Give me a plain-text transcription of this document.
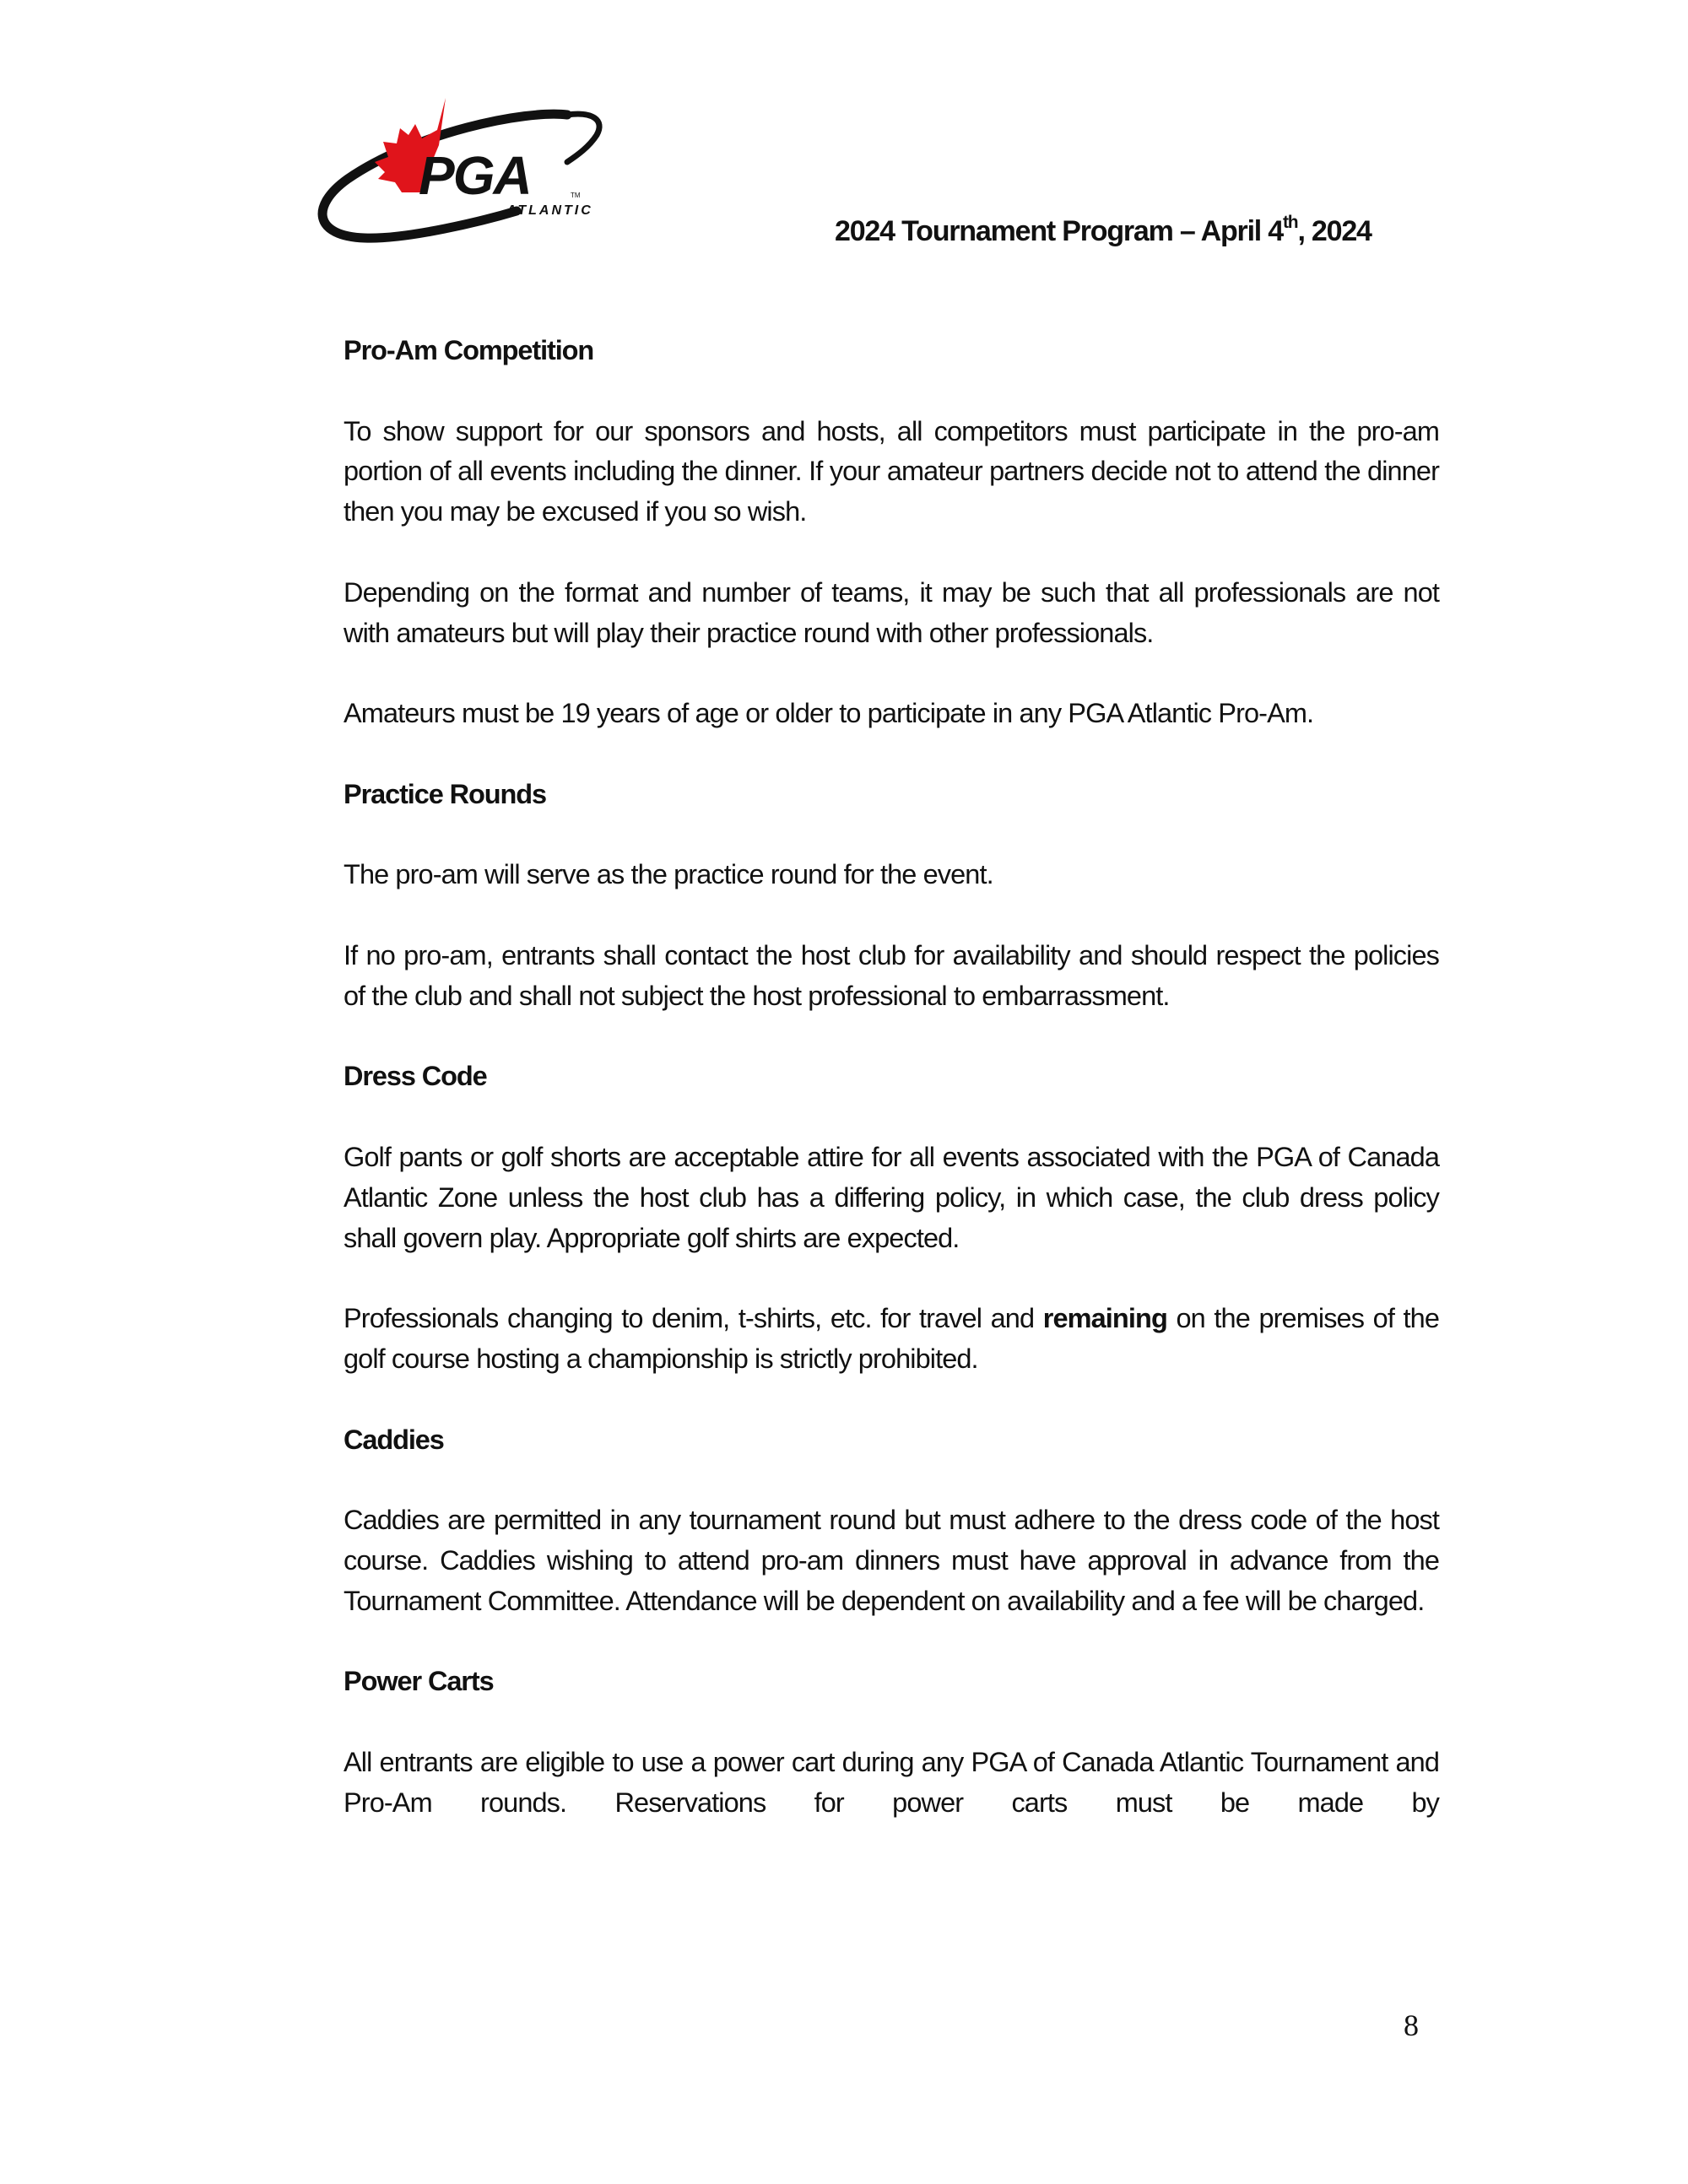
PGA	TM
ATLANTIC
2024 Tournament Program – April 4th, 2024
Pro-Am Competition

To show support for our sponsors and hosts, all competitors must participate in the pro-am portion of all events including the dinner. If your amateur partners decide not to attend the dinner then you may be excused if you so wish.

Depending on the format and number of teams, it may be such that all professionals are not with amateurs but will play their practice round with other professionals.

Amateurs must be 19 years of age or older to participate in any PGA Atlantic Pro-Am.

Practice Rounds

The pro-am will serve as the practice round for the event.

If no pro-am, entrants shall contact the host club for availability and should respect the policies of the club and shall not subject the host professional to embarrassment.

Dress Code

Golf pants or golf shorts are acceptable attire for all events associated with the PGA of Canada Atlantic Zone unless the host club has a differing policy, in which case, the club dress policy shall govern play. Appropriate golf shirts are expected.

Professionals changing to denim, t-shirts, etc. for travel and remaining on the premises of the golf course hosting a championship is strictly prohibited.

Caddies

Caddies are permitted in any tournament round but must adhere to the dress code of the host course. Caddies wishing to attend pro-am dinners must have approval in advance from the Tournament Committee. Attendance will be dependent on availability and a fee will be charged.

Power Carts

All entrants are eligible to use a power cart during any PGA of Canada Atlantic Tournament and Pro-Am rounds. Reservations for power carts must be made by

8
